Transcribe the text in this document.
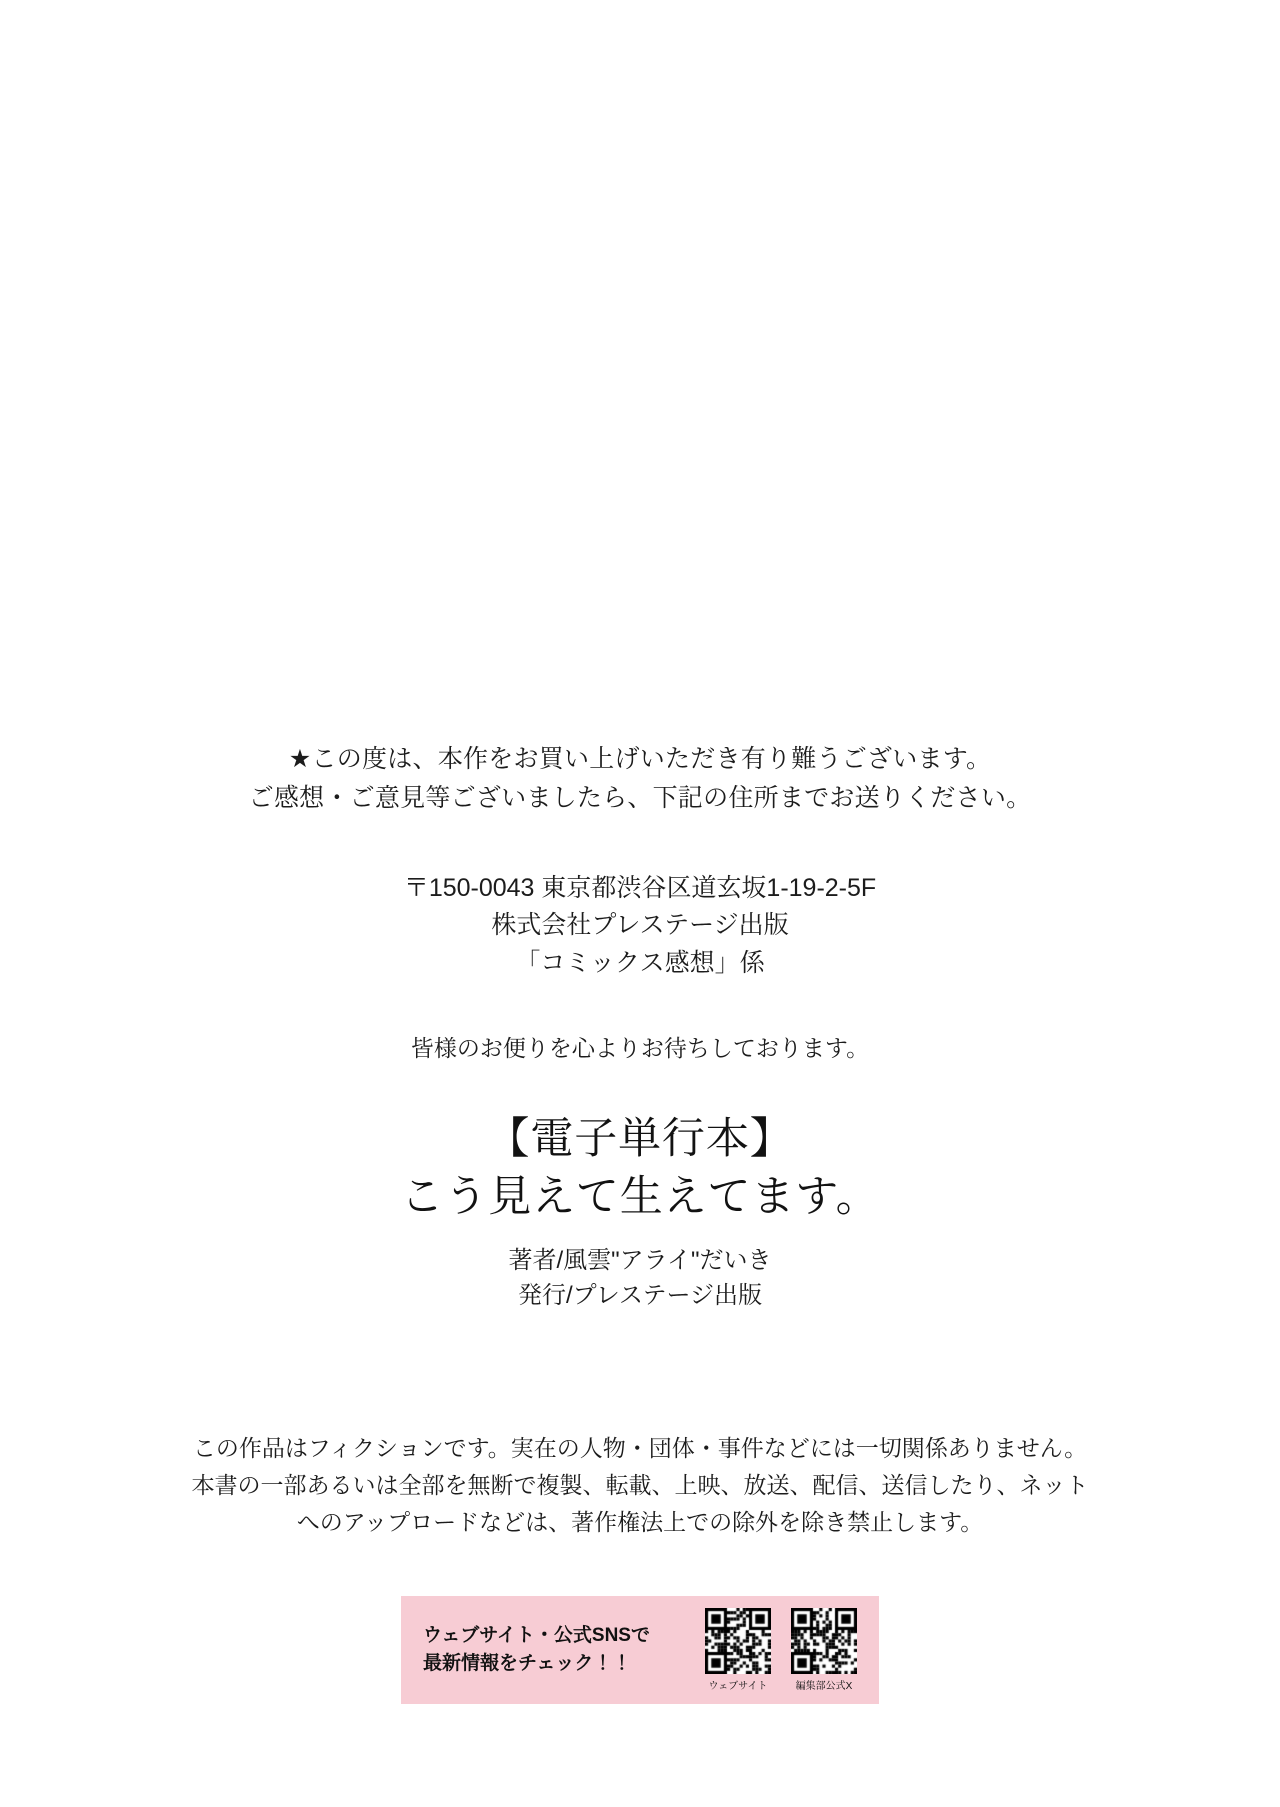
★この度は、本作をお買い上げいただき有り難うございます。
ご感想・ご意見等ございましたら、下記の住所までお送りください。
〒150-0043 東京都渋谷区道玄坂1-19-2-5F
株式会社プレステージ出版
「コミックス感想」係
皆様のお便りを心よりお待ちしております。
【電子単行本】
こう見えて生えてます。
著者/風雲"アライ"だいき
発行/プレステージ出版
この作品はフィクションです。実在の人物・団体・事件などには一切関係ありません。
本書の一部あるいは全部を無断で複製、転載、上映、放送、配信、送信したり、ネット
へのアップロードなどは、著作権法上での除外を除き禁止します。
ウェブサイト・公式SNSで
最新情報をチェック！！
ウェブサイト	編集部公式X
